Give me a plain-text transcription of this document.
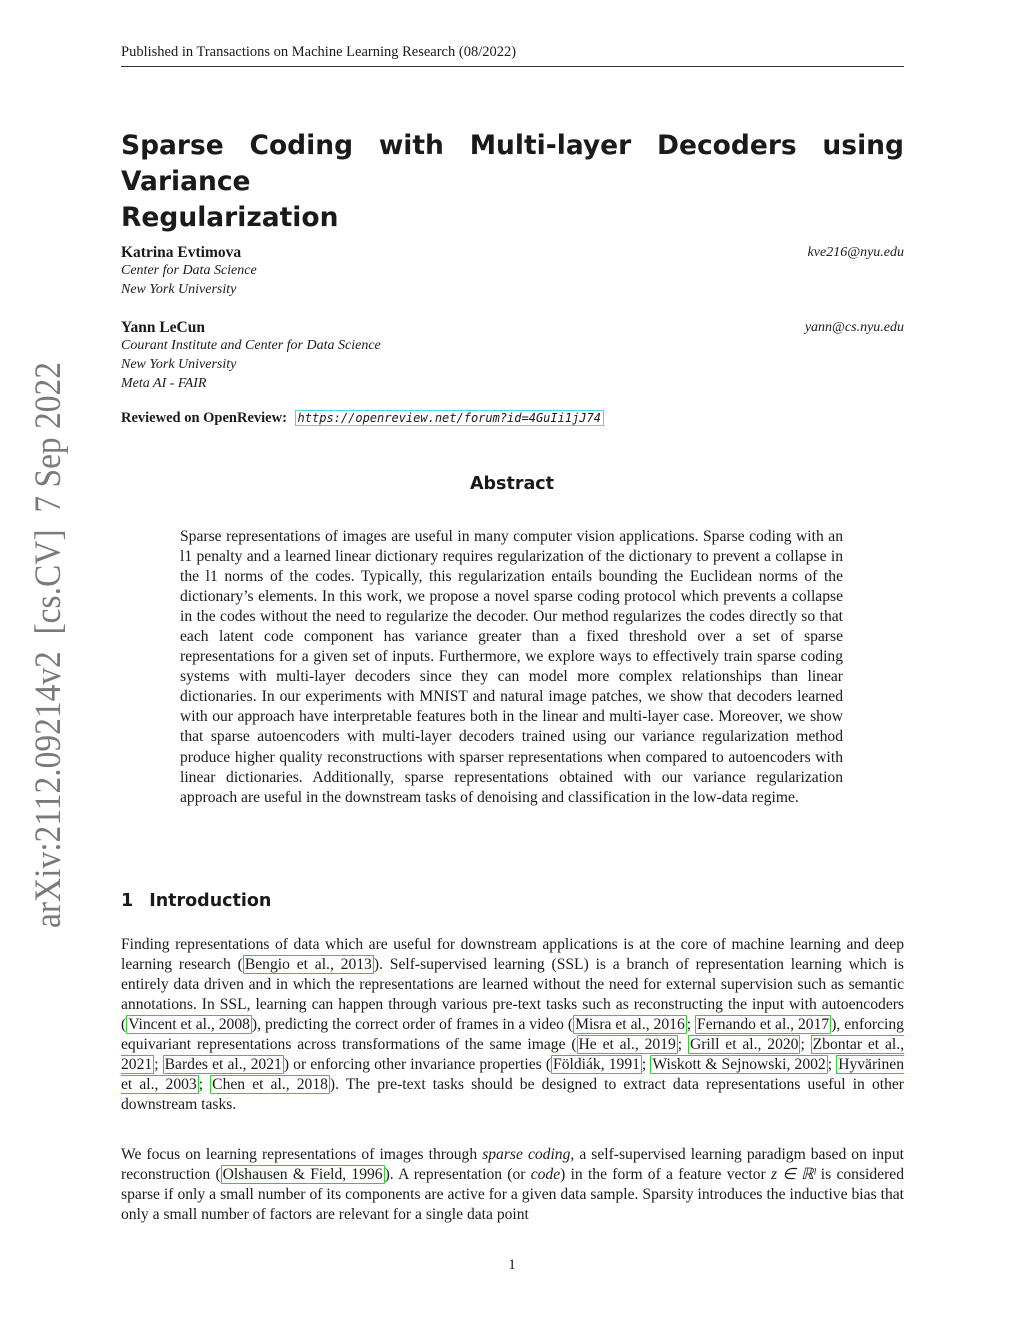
Published in Transactions on Machine Learning Research (08/2022)
arXiv:2112.09214v2  [cs.CV]  7 Sep 2022
Sparse Coding with Multi-layer Decoders using Variance
Regularization
Katrina Evtimova	kve216@nyu.edu
Center for Data Science
New York University
Yann LeCun	yann@cs.nyu.edu
Courant Institute and Center for Data Science
New York University
Meta AI - FAIR
Reviewed on OpenReview: https://openreview.net/forum?id=4GuIi1jJ74
Abstract
Sparse representations of images are useful in many computer vision applications. Sparse coding with an l1 penalty and a learned linear dictionary requires regularization of the dictionary to prevent a collapse in the l1 norms of the codes. Typically, this regularization entails bounding the Euclidean norms of the dictionary’s elements. In this work, we propose a novel sparse coding protocol which prevents a collapse in the codes without the need to regularize the decoder. Our method regularizes the codes directly so that each latent code component has variance greater than a fixed threshold over a set of sparse representations for a given set of inputs. Furthermore, we explore ways to effectively train sparse coding systems with multi-layer decoders since they can model more complex relationships than linear dictionaries. In our experiments with MNIST and natural image patches, we show that decoders learned with our approach have interpretable features both in the linear and multi-layer case. Moreover, we show that sparse autoencoders with multi-layer decoders trained using our variance regularization method produce higher quality reconstructions with sparser representations when compared to autoencoders with linear dictionaries. Additionally, sparse representations obtained with our variance regularization approach are useful in the downstream tasks of denoising and classification in the low-data regime.
1 Introduction
Finding representations of data which are useful for downstream applications is at the core of machine learning and deep learning research ( Bengio et al., 2013 ). Self-supervised learning (SSL) is a branch of representation learning which is entirely data driven and in which the representations are learned without the need for external supervision such as semantic annotations. In SSL, learning can happen through various pre-text tasks such as reconstructing the input with autoencoders ( Vincent et al., 2008 ), predicting the correct order of frames in a video ( Misra et al., 2016 ; Fernando et al., 2017 ), enforcing equivariant representations across transformations of the same image ( He et al., 2019 ; Grill et al., 2020 ; Zbontar et al., 2021 ; Bardes et al., 2021 ) or enforcing other invariance properties ( Földiák, 1991 ; Wiskott & Sejnowski, 2002 ; Hyvärinen et al., 2003 ; Chen et al., 2018 ). The pre-text tasks should be designed to extract data representations useful in other downstream tasks.
We focus on learning representations of images through sparse coding, a self-supervised learning paradigm based on input reconstruction ( Olshausen & Field, 1996 ). A representation (or code) in the form of a feature vector z ∈ ℝˡ is considered sparse if only a small number of its components are active for a given data sample. Sparsity introduces the inductive bias that only a small number of factors are relevant for a single data point
1
